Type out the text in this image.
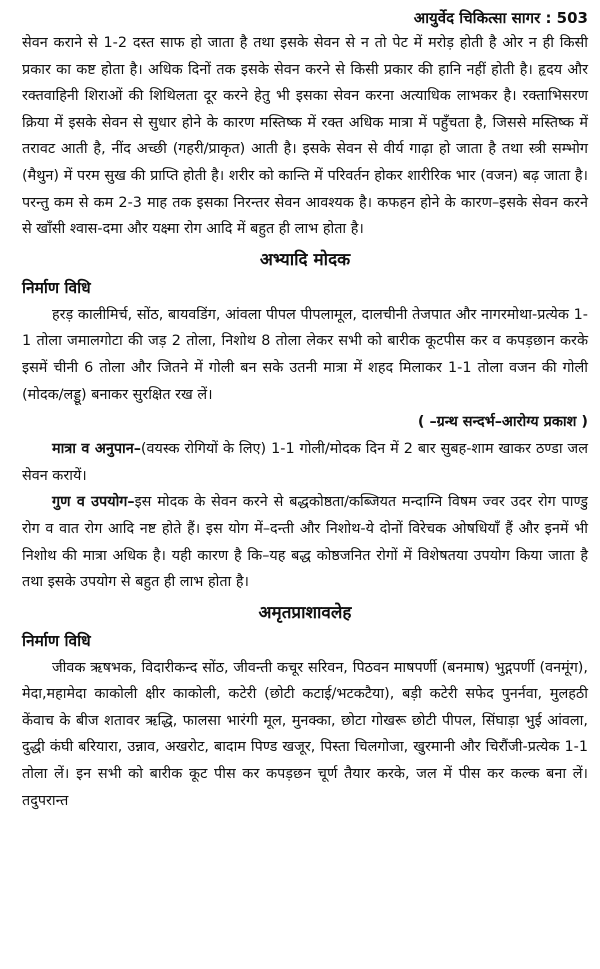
आयुर्वेद चिकित्सा सागर : 503

सेवन कराने से 1-2 दस्त साफ हो जाता है तथा इसके सेवन से न तो पेट में मरोड़ होती है ओर न ही किसी प्रकार का कष्ट होता है। अधिक दिनों तक इसके सेवन करने से किसी प्रकार की हानि नहीं होती है। हृदय और रक्तवाहिनी शिराओं की शिथिलता दूर करने हेतु भी इसका सेवन करना अत्याधिक लाभकर है। रक्ताभिसरण क्रिया में इसके सेवन से सुधार होने के कारण मस्तिष्क में रक्त अधिक मात्रा में पहुँचता है, जिससे मस्तिष्क में तरावट आती है, नींद अच्छी (गहरी/प्राकृत) आती है। इसके सेवन से वीर्य गाढ़ा हो जाता है तथा स्त्री सम्भोग (मैथुन) में परम सुख की प्राप्ति होती है। शरीर को कान्ति में परिवर्तन होकर शारीरिक भार (वजन) बढ़ जाता है। परन्तु कम से कम 2-3 माह तक इसका निरन्तर सेवन आवश्यक है। कफहन होने के कारण–इसके सेवन करने से खाँसी श्वास-दमा और यक्ष्मा रोग आदि में बहुत ही लाभ होता है।

अभ्यादि मोदक
निर्माण विधि

हरड़ कालीमिर्च, सोंठ, बायवडिंग, आंवला पीपल पीपलामूल, दालचीनी तेजपात और नागरमोथा-प्रत्येक 1-1 तोला जमालगोटा की जड़ 2 तोला, निशोथ 8 तोला लेकर सभी को बारीक कूटपीस कर व कपड़छान करके इसमें चीनी 6 तोला और जितने में गोली बन सके उतनी मात्रा में शहद मिलाकर 1-1 तोला वजन की गोली (मोदक/लड्डू) बनाकर सुरक्षित रख लें।

( –ग्रन्थ सन्दर्भ–आरोग्य प्रकाश )

मात्रा व अनुपान–(वयस्क रोगियों के लिए) 1-1 गोली/मोदक दिन में 2 बार सुबह-शाम खाकर ठण्डा जल सेवन करायें।

गुण व उपयोग–इस मोदक के सेवन करने से बद्धकोष्ठता/कब्जियत मन्दाग्नि विषम ज्वर उदर रोग पाण्डु रोग व वात रोग आदि नष्ट होते हैं। इस योग में–दन्ती और निशोथ-ये दोनों विरेचक ओषधियाँ हैं और इनमें भी निशोथ की मात्रा अधिक है। यही कारण है कि–यह बद्ध कोष्ठजनित रोगों में विशेषतया उपयोग किया जाता है तथा इसके उपयोग से बहुत ही लाभ होता है।

अमृतप्राशावलेह
निर्माण विधि

जीवक ऋषभक, विदारीकन्द सोंठ, जीवन्ती कचूर सरिवन, पिठवन माषपर्णी (बनमाष) भुद्गपर्णी (वनमूंग), मेदा,महामेदा काकोली क्षीर काकोली, कटेरी (छोटी कटाई/भटकटैया), बड़ी कटेरी सफेद पुनर्नवा, मुलहठी केंवाच के बीज शतावर ऋद्धि, फालसा भारंगी मूल, मुनक्का, छोटा गोखरू छोटी पीपल, सिंघाड़ा भुई आंवला, दुद्धी कंघी बरियारा, उन्नाव, अखरोट, बादाम पिण्ड खजूर, पिस्ता चिलगोजा, खुरमानी और चिरौंजी-प्रत्येक 1-1 तोला लें। इन सभी को बारीक कूट पीस कर कपड़छन चूर्ण तैयार करके, जल में पीस कर कल्क बना लें। तदुपरान्त
